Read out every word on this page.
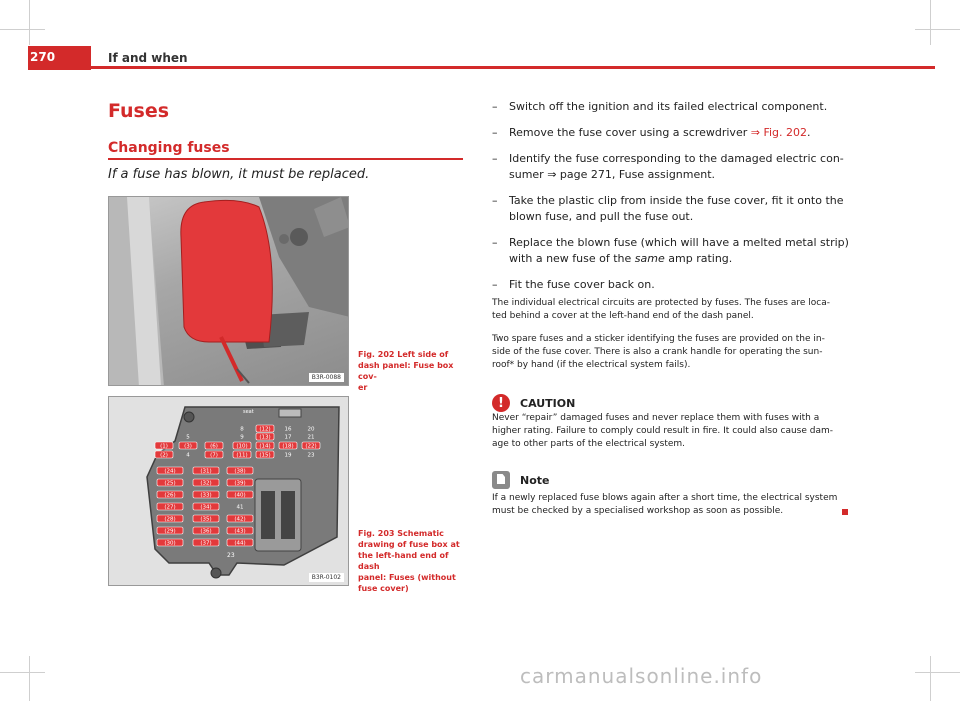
270	If and when
Fuses
Changing fuses
If a fuse has blown, it must be replaced.
B3R-0088
Fig. 202 Left side of
dash panel: Fuse box cov-
er
seat
23
8	(12)	16	20
5	9	(13)	17	21
(1)	(3)	(6)	(10) (14) (18) (22)
(2)	4	(7)	(11) (15)	19	23
(24)
(25)
(26)
(27)
(28)
(29)
(30)
(31)
(32)
(33)
(34)
(35)
(36)
(37)
(38)
(39)
(40)
41
(42)
(43)
(44)
B3R-0102
Fig. 203 Schematic
drawing of fuse box at
the left-hand end of dash
panel: Fuses (without
fuse cover)
– Switch off the ignition and its failed electrical component.
– Remove the fuse cover using a screwdriver ⇒ Fig. 202.
– Identify the fuse corresponding to the damaged electric con-
sumer ⇒ page 271, Fuse assignment.
– Take the plastic clip from inside the fuse cover, fit it onto the
blown fuse, and pull the fuse out.
– Replace the blown fuse (which will have a melted metal strip)
with a new fuse of the same amp rating.
– Fit the fuse cover back on.
The individual electrical circuits are protected by fuses. The fuses are loca-
ted behind a cover at the left-hand end of the dash panel.
Two spare fuses and a sticker identifying the fuses are provided on the in-
side of the fuse cover. There is also a crank handle for operating the sun-
roof* by hand (if the electrical system fails).
!	CAUTION
Never “repair” damaged fuses and never replace them with fuses with a
higher rating. Failure to comply could result in fire. It could also cause dam-
age to other parts of the electrical system.
Note
If a newly replaced fuse blows again after a short time, the electrical system
must be checked by a specialised workshop as soon as possible.
carmanualsonline.info
